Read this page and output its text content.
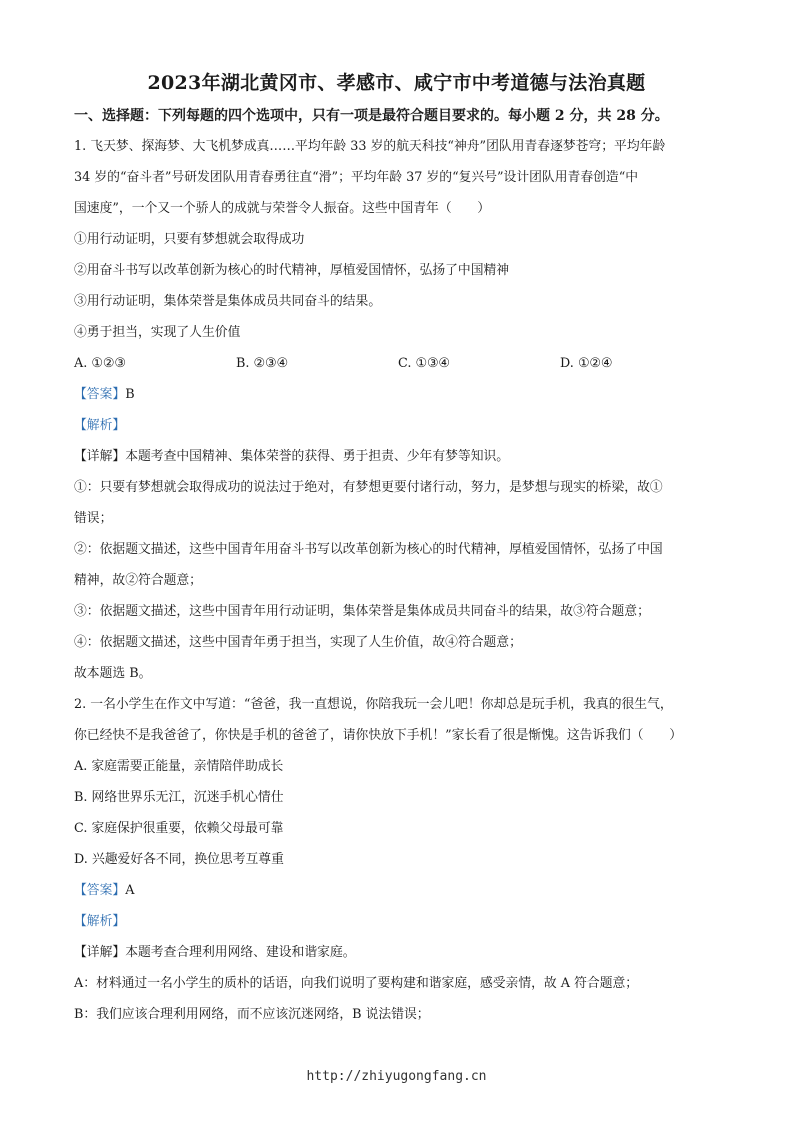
2023年湖北黄冈市、孝感市、咸宁市中考道德与法治真题
一、选择题：下列每题的四个选项中，只有一项是最符合题目要求的。每小题 2 分，共 28 分。
1. 飞天梦、探海梦、大飞机梦成真……平均年龄 33 岁的航天科技“神舟”团队用青春逐梦苍穹；平均年龄
34 岁的“奋斗者”号研发团队用青春勇往直“滑”；平均年龄 37 岁的“复兴号”设计团队用青春创造“中
国速度”，一个又一个骄人的成就与荣誉令人振奋。这些中国青年（　　）
①用行动证明，只要有梦想就会取得成功
②用奋斗书写以改革创新为核心的时代精神，厚植爱国情怀，弘扬了中国精神
③用行动证明，集体荣誉是集体成员共同奋斗的结果。
④勇于担当，实现了人生价值
A. ①②③	B. ②③④	C. ①③④	D. ①②④
【答案】B
【解析】
【详解】本题考查中国精神、集体荣誉的获得、勇于担责、少年有梦等知识。
①：只要有梦想就会取得成功的说法过于绝对，有梦想更要付诸行动，努力，是梦想与现实的桥梁，故①
错误；
②：依据题文描述，这些中国青年用奋斗书写以改革创新为核心的时代精神，厚植爱国情怀，弘扬了中国
精神，故②符合题意；
③：依据题文描述，这些中国青年用行动证明，集体荣誉是集体成员共同奋斗的结果，故③符合题意；
④：依据题文描述，这些中国青年勇于担当，实现了人生价值，故④符合题意；
故本题选 B。
2. 一名小学生在作文中写道：“爸爸，我一直想说，你陪我玩一会儿吧！你却总是玩手机，我真的很生气，
你已经快不是我爸爸了，你快是手机的爸爸了，请你快放下手机！”家长看了很是惭愧。这告诉我们（　　）
A. 家庭需要正能量，亲情陪伴助成长
B. 网络世界乐无江，沉迷手机心情仕
C. 家庭保护很重要，依赖父母最可靠
D. 兴趣爱好各不同，换位思考互尊重
【答案】A
【解析】
【详解】本题考查合理利用网络、建设和谐家庭。
A：材料通过一名小学生的质朴的话语，向我们说明了要构建和谐家庭，感受亲情，故 A 符合题意；
B：我们应该合理利用网络，而不应该沉迷网络，B 说法错误；
http://zhiyugongfang.cn
